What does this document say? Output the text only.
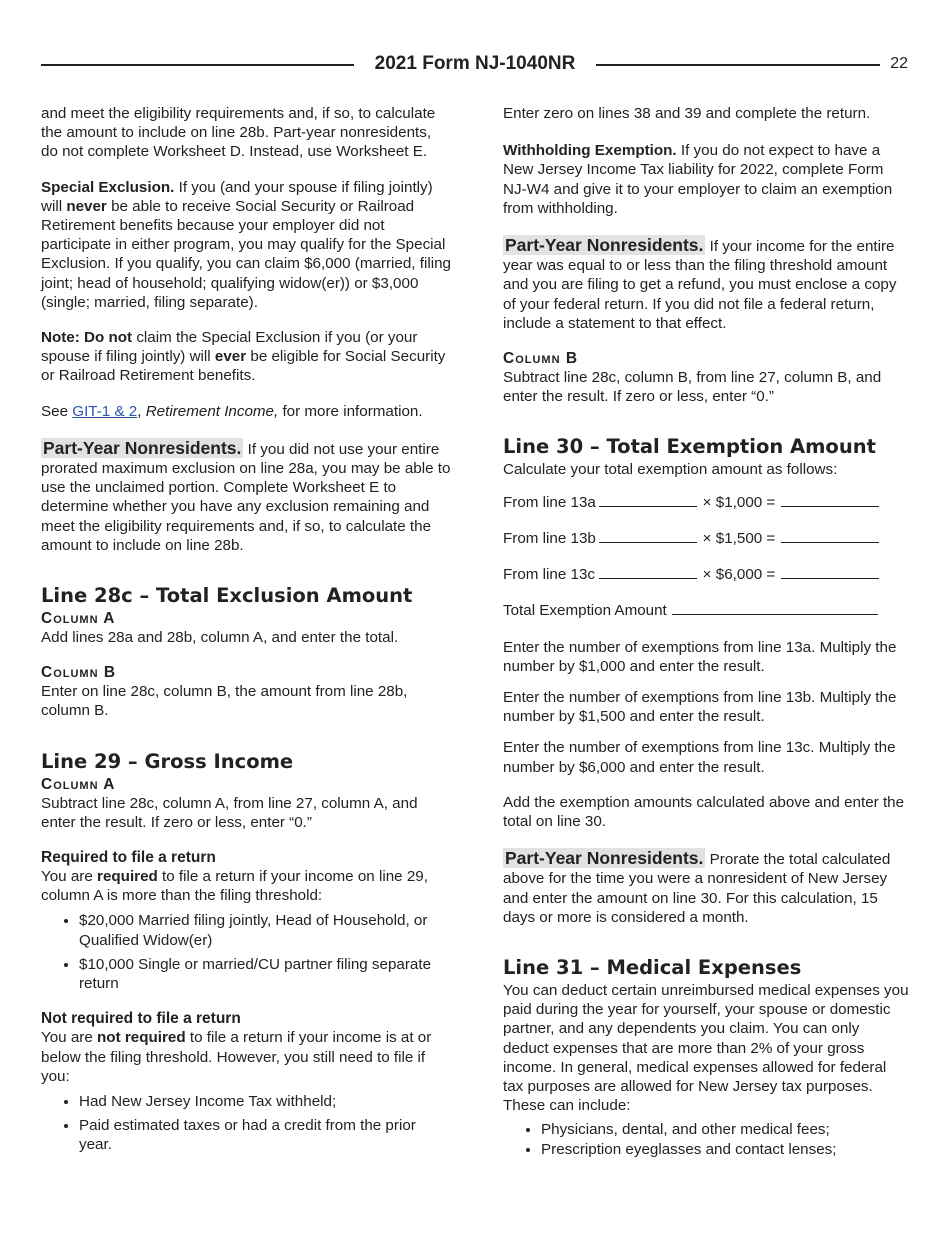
2021 Form NJ-1040NR	22

and meet the eligibility requirements and, if so, to calculate the amount to include on line 28b. Part-year nonresidents, do not complete Worksheet D. Instead, use Worksheet E.

Special Exclusion. If you (and your spouse if filing jointly) will never be able to receive Social Security or Railroad Retirement benefits because your employer did not participate in either program, you may qualify for the Special Exclusion. If you qualify, you can claim $6,000 (married, filing joint; head of household; qualifying widow(er)) or $3,000 (single; married, filing separate).

Note: Do not claim the Special Exclusion if you (or your spouse if filing jointly) will ever be eligible for Social Security or Railroad Retirement benefits.

See GIT-1 & 2, Retirement Income, for more information.

Part-Year Nonresidents. If you did not use your entire prorated maximum exclusion on line 28a, you may be able to use the unclaimed portion. Complete Worksheet E to determine whether you have any exclusion remaining and meet the eligibility requirements and, if so, to calculate the amount to include on line 28b.

Line 28c – Total Exclusion Amount
Column A

Add lines 28a and 28b, column A, and enter the total.

Column B

Enter on line 28c, column B, the amount from line 28b, column B.

Line 29 – Gross Income
Column A

Subtract line 28c, column A, from line 27, column A, and enter the result. If zero or less, enter “0.”

Required to file a return

You are required to file a return if your income on line 29, column A is more than the filing threshold:

• $20,000 Married filing jointly, Head of Household, or Qualified Widow(er)
• $10,000 Single or married/CU partner filing separate return
Not required to file a return

You are not required to file a return if your income is at or below the filing threshold. However, you still need to file if you:

• Had New Jersey Income Tax withheld;
• Paid estimated taxes or had a credit from the prior year.

Enter zero on lines 38 and 39 and complete the return.

Withholding Exemption. If you do not expect to have a New Jersey Income Tax liability for 2022, complete Form NJ-W4 and give it to your employer to claim an exemption from withholding.

Part-Year Nonresidents. If your income for the entire year was equal to or less than the filing threshold amount and you are filing to get a refund, you must enclose a copy of your federal return. If you did not file a federal return, include a statement to that effect.

Column B

Subtract line 28c, column B, from line 27, column B, and enter the result. If zero or less, enter “0.”

Line 30 – Total Exemption Amount

Calculate your total exemption amount as follows:

From line 13a	× $1,000 =
From line 13b	× $1,500 =
From line 13c	× $6,000 =
Total Exemption Amount

Enter the number of exemptions from line 13a. Multiply the number by $1,000 and enter the result.

Enter the number of exemptions from line 13b. Multiply the number by $1,500 and enter the result.

Enter the number of exemptions from line 13c. Multiply the number by $6,000 and enter the result.

Add the exemption amounts calculated above and enter the total on line 30.

Part-Year Nonresidents. Prorate the total calculated above for the time you were a nonresident of New Jersey and enter the amount on line 30. For this calculation, 15 days or more is considered a month.

Line 31 – Medical Expenses

You can deduct certain unreimbursed medical expenses you paid during the year for yourself, your spouse or domestic partner, and any dependents you claim. You can only deduct expenses that are more than 2% of your gross income. In general, medical expenses allowed for federal tax purposes are allowed for New Jersey tax purposes. These can include:

• Physicians, dental, and other medical fees;
• Prescription eyeglasses and contact lenses;
